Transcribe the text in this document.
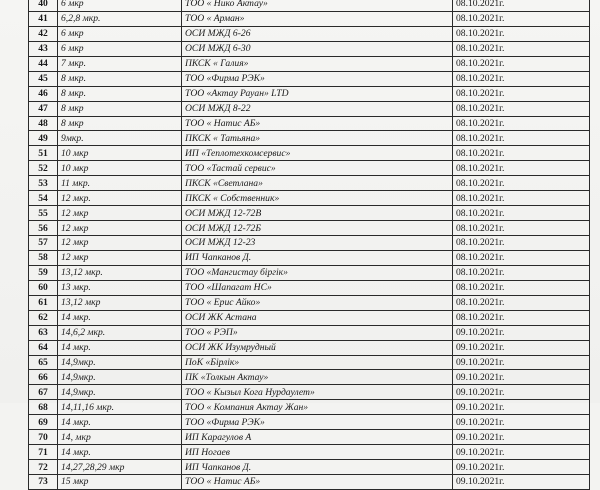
40	6 мкр	ТОО « Нико Актау»	08.10.2021г.
41	6,2,8 мкр.	ТОО « Арман»	08.10.2021г.
42	6 мкр	ОСИ МЖД 6-26	08.10.2021г.
43	6 мкр	ОСИ МЖД 6-30	08.10.2021г.
44	7 мкр.	ПКСК « Галия»	08.10.2021г.
45	8 мкр.	ТОО «Фирма РЭК»	08.10.2021г.
46	8 мкр.	ТОО «Актау Рауан» LTD	08.10.2021г.
47	8 мкр	ОСИ МЖД 8-22	08.10.2021г.
48	8 мкр	ТОО « Натис АБ»	08.10.2021г.
49	9мкр.	ПКСК « Татьяна»	08.10.2021г.
51	10 мкр	ИП «Теплотехкомсервис»	08.10.2021г.
52	10 мкр	ТОО «Тастай сервис»	08.10.2021г.
53	11 мкр.	ПКСК «Светлана»	08.10.2021г.
54	12 мкр.	ПКСК « Собственник»	08.10.2021г.
55	12 мкр	ОСИ МЖД 12-72В	08.10.2021г.
56	12 мкр	ОСИ МЖД 12-72Б	08.10.2021г.
57	12 мкр	ОСИ МЖД 12-23	08.10.2021г.
58	12 мкр	ИП Чапканов Д.	08.10.2021г.
59	13,12 мкр.	ТОО «Мангистау біргік»	08.10.2021г.
60	13 мкр.	ТОО «Шапагат НС»	08.10.2021г.
61	13,12 мкр	ТОО « Ерис Айко»	08.10.2021г.
62	14 мкр.	ОСИ ЖК Астана	08.10.2021г.
63	14,6,2 мкр.	ТОО « РЭП»	09.10.2021г.
64	14 мкр.	ОСИ ЖК Изумрудный	09.10.2021г.
65	14,9мкр.	ПоК «Бірлік»	09.10.2021г.
66	14,9мкр.	ПК «Толкын Актау»	09.10.2021г.
67	14,9мкр.	ТОО « Кызыл Кога Нурдаулет»	09.10.2021г.
68	14,11,16 мкр.	ТОО « Компания Актау Жан»	09.10.2021г.
69	14 мкр.	ТОО «Фирма РЭК»	09.10.2021г.
70	14, мкр	ИП Карагулов А	09.10.2021г.
71	14 мкр.	ИП Ногаев	09.10.2021г.
72	14,27,28,29 мкр	ИП Чапканов Д.	09.10.2021г.
73	15 мкр	ТОО « Натис АБ»	09.10.2021г.
